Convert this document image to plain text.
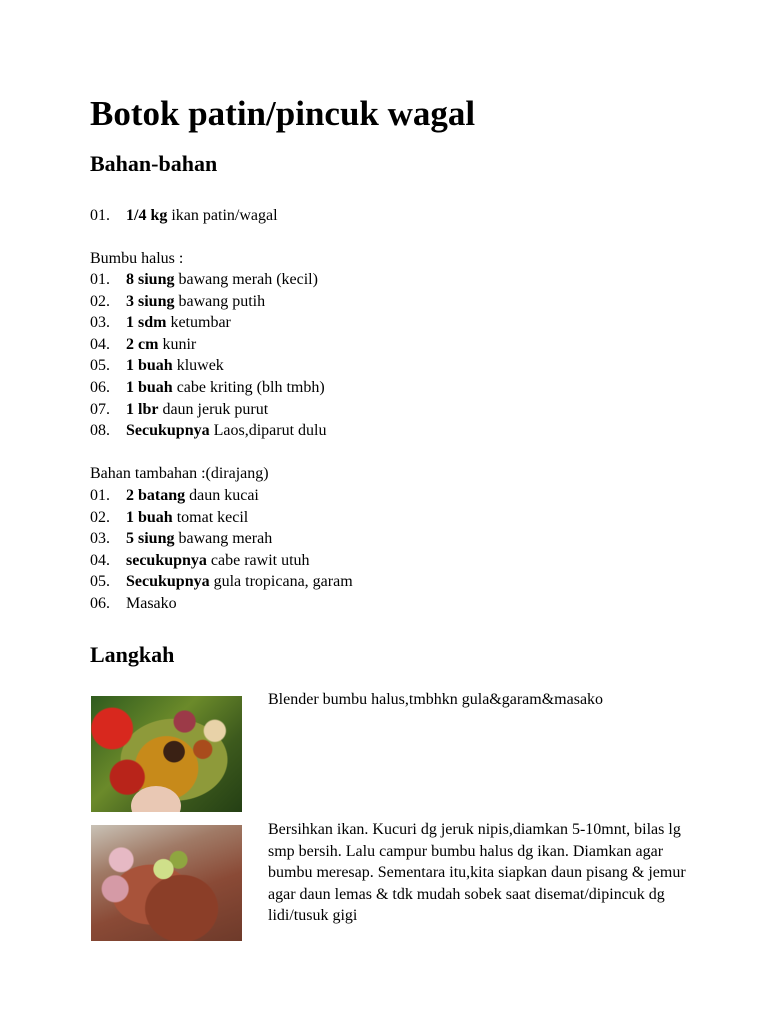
Botok patin/pincuk wagal
Bahan-bahan
01. 1/4 kg ikan patin/wagal
Bumbu halus :
01. 8 siung bawang merah (kecil)
02. 3 siung bawang putih
03. 1 sdm ketumbar
04. 2 cm kunir
05. 1 buah kluwek
06. 1 buah cabe kriting (blh tmbh)
07. 1 lbr daun jeruk purut
08. Secukupnya Laos,diparut dulu
Bahan tambahan :(dirajang)
01. 2 batang daun kucai
02. 1 buah tomat kecil
03. 5 siung bawang merah
04. secukupnya cabe rawit utuh
05. Secukupnya gula tropicana, garam
06. Masako
Langkah

Blender bumbu halus,tmbhkn gula&garam&masako

Bersihkan ikan. Kucuri dg jeruk nipis,diamkan 5-10mnt, bilas lg smp bersih. Lalu campur bumbu halus dg ikan. Diamkan agar bumbu meresap. Sementara itu,kita siapkan daun pisang & jemur agar daun lemas & tdk mudah sobek saat disemat/dipincuk dg lidi/tusuk gigi
